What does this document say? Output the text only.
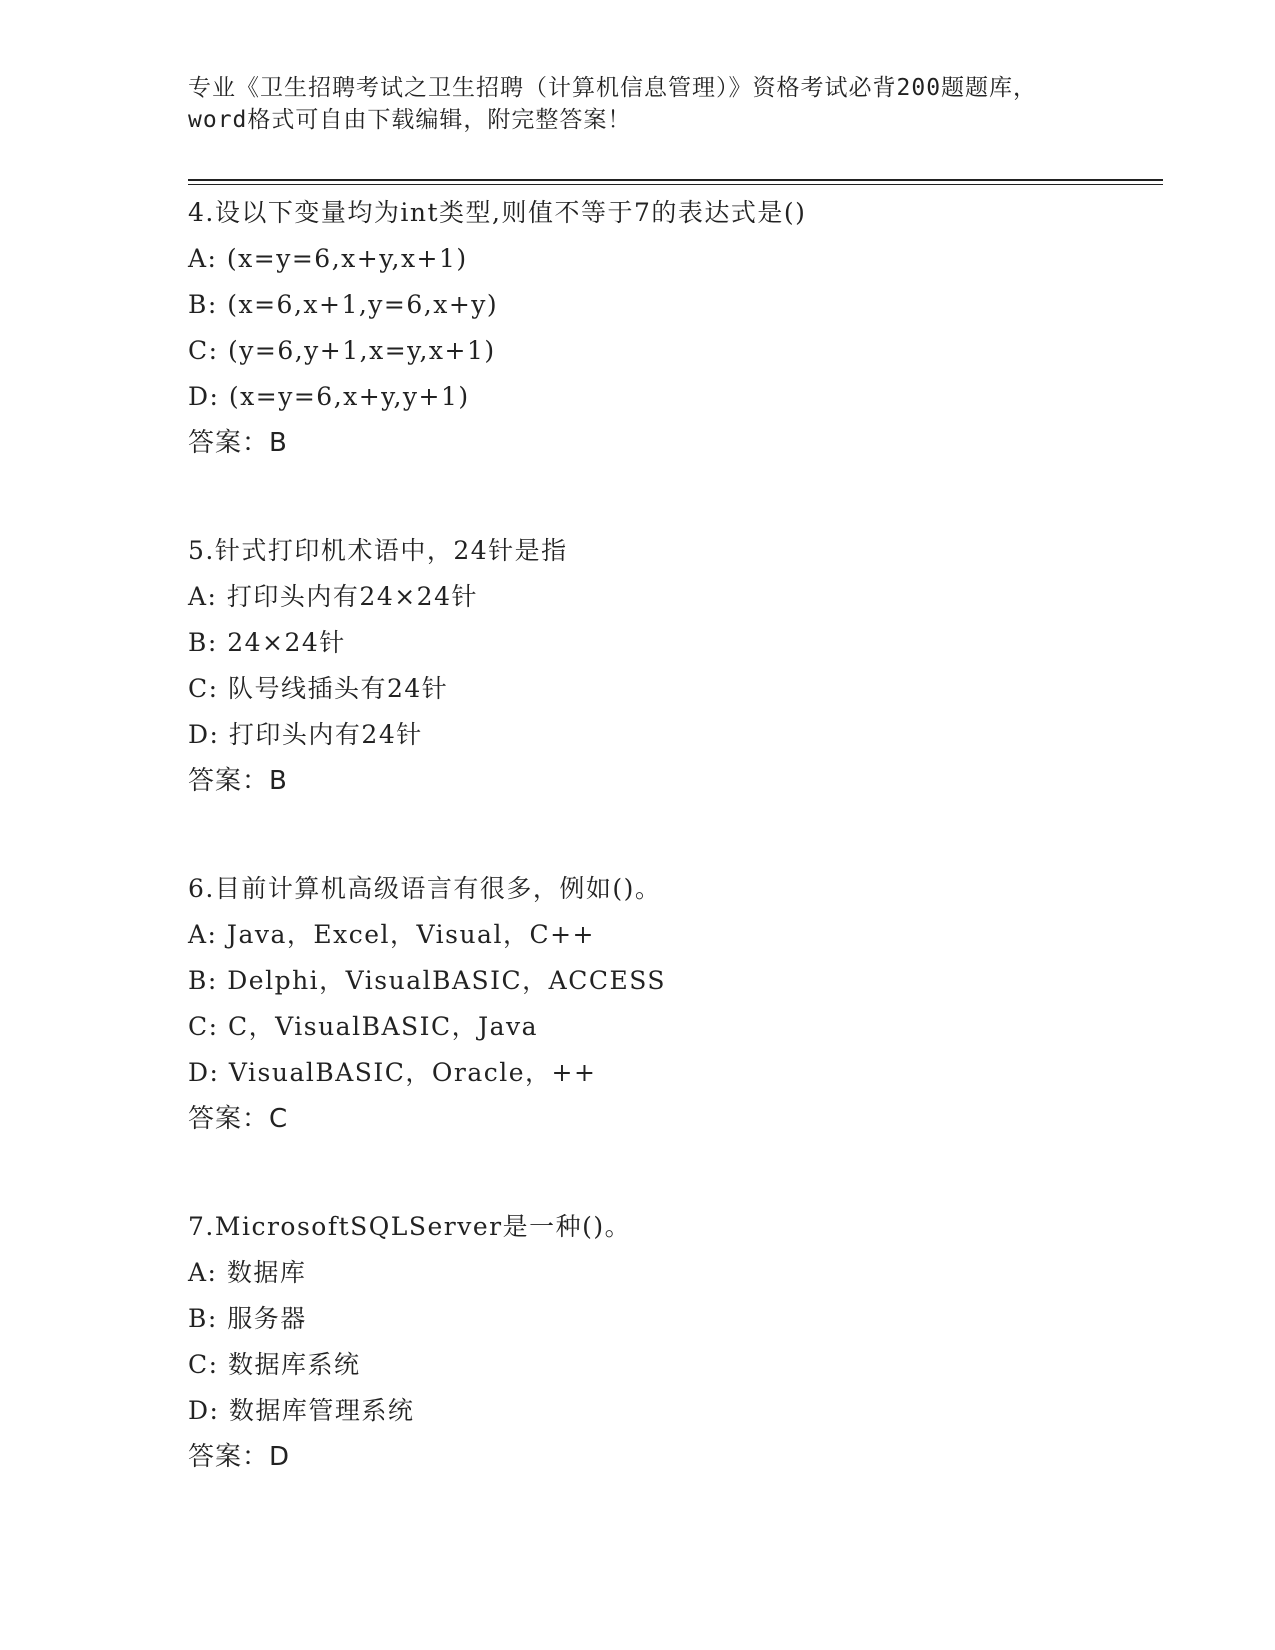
专业《卫生招聘考试之卫生招聘（计算机信息管理）》资格考试必背200题题库，
word格式可自由下载编辑，附完整答案！
4.设以下变量均为int类型,则值不等于7的表达式是()
A: (x=y=6,x+y,x+1)
B: (x=6,x+1,y=6,x+y)
C: (y=6,y+1,x=y,x+1)
D: (x=y=6,x+y,y+1)
答案：B
5.针式打印机术语中，24针是指
A: 打印头内有24×24针
B: 24×24针
C: 队号线插头有24针
D: 打印头内有24针
答案：B
6.目前计算机高级语言有很多，例如()。
A: Java，Excel，Visual，C++
B: Delphi，VisualBASIC，ACCESS
C: C，VisualBASIC，Java
D: VisualBASIC，Oracle，++
答案：C
7.MicrosoftSQLServer是一种()。
A: 数据库
B: 服务器
C: 数据库系统
D: 数据库管理系统
答案：D
